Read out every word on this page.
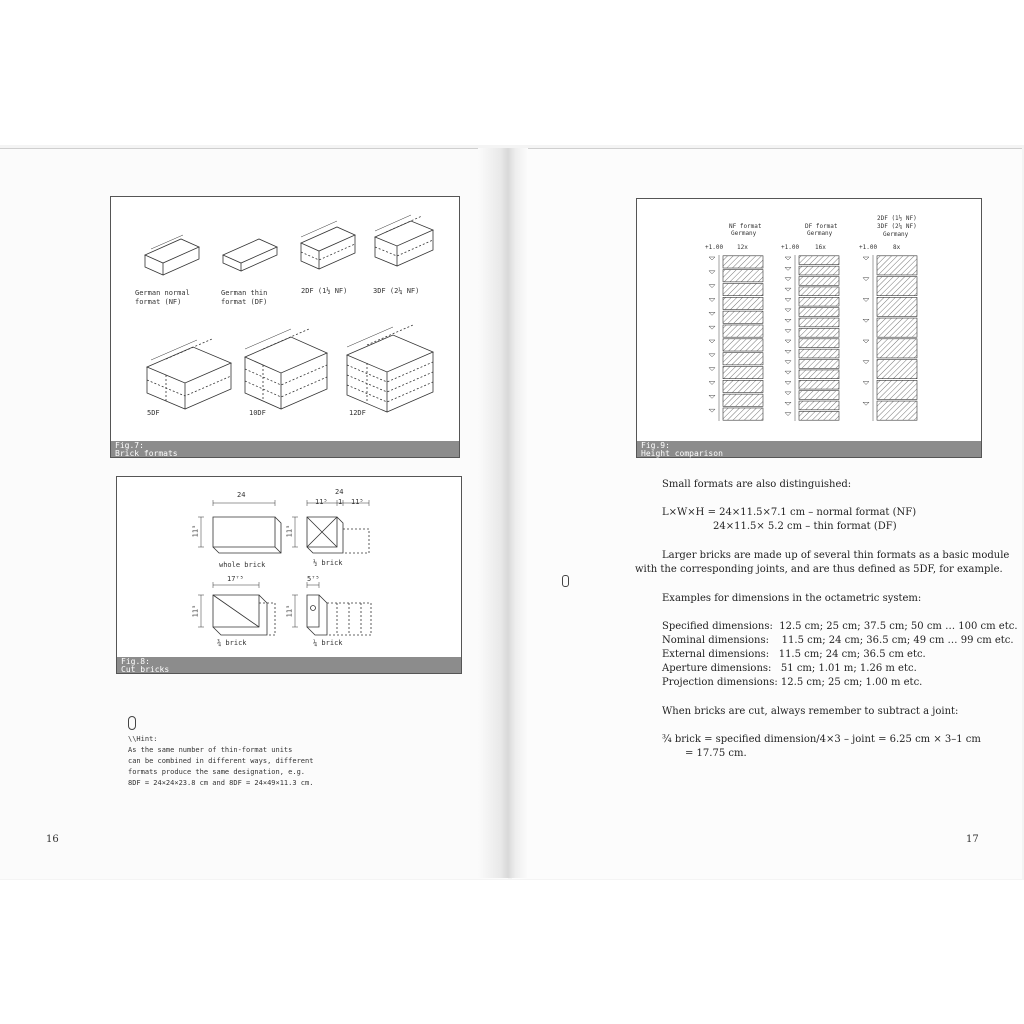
German normal
format (NF)
German thin
format (DF)
2DF (1½ NF)	3DF (2¼ NF)
5DF	10DF	12DF
Fig.7:
Brick formats
24	24
11⁵ 1 11⁵
17⁷⁵	5⁷⁵
11⁵	11⁵
11⁵	11⁵
whole brick	½ brick
¾ brick	¼ brick
Fig.8:
Cut bricks
\\Hint:
As the same number of thin-format units
can be combined in different ways, different
formats produce the same designation, e.g.
8DF = 24×24×23.8 cm and 8DF = 24×49×11.3 cm.
16
NF format
Germany
DF format
Germany
2DF (1½ NF)
3DF (2¼ NF)
Germany
+1.00 12x	+1.00	16x	+1.00	8x
Fig.9:
Height comparison
Small formats are also distinguished:
L×W×H = 24×11.5×7.1 cm – normal format (NF)
24×11.5× 5.2 cm – thin format (DF)
Larger bricks are made up of several thin formats as a basic module
with the corresponding joints, and are thus defined as 5DF, for example.
Examples for dimensions in the octametric system:
Specified dimensions:  12.5 cm; 25 cm; 37.5 cm; 50 cm … 100 cm etc.
Nominal dimensions:    11.5 cm; 24 cm; 36.5 cm; 49 cm … 99 cm etc.
External dimensions:   11.5 cm; 24 cm; 36.5 cm etc.
Aperture dimensions:   51 cm; 1.01 m; 1.26 m etc.
Projection dimensions: 12.5 cm; 25 cm; 1.00 m etc.
When bricks are cut, always remember to subtract a joint:
¾ brick = specified dimension/4×3 – joint = 6.25 cm × 3–1 cm
= 17.75 cm.
17
